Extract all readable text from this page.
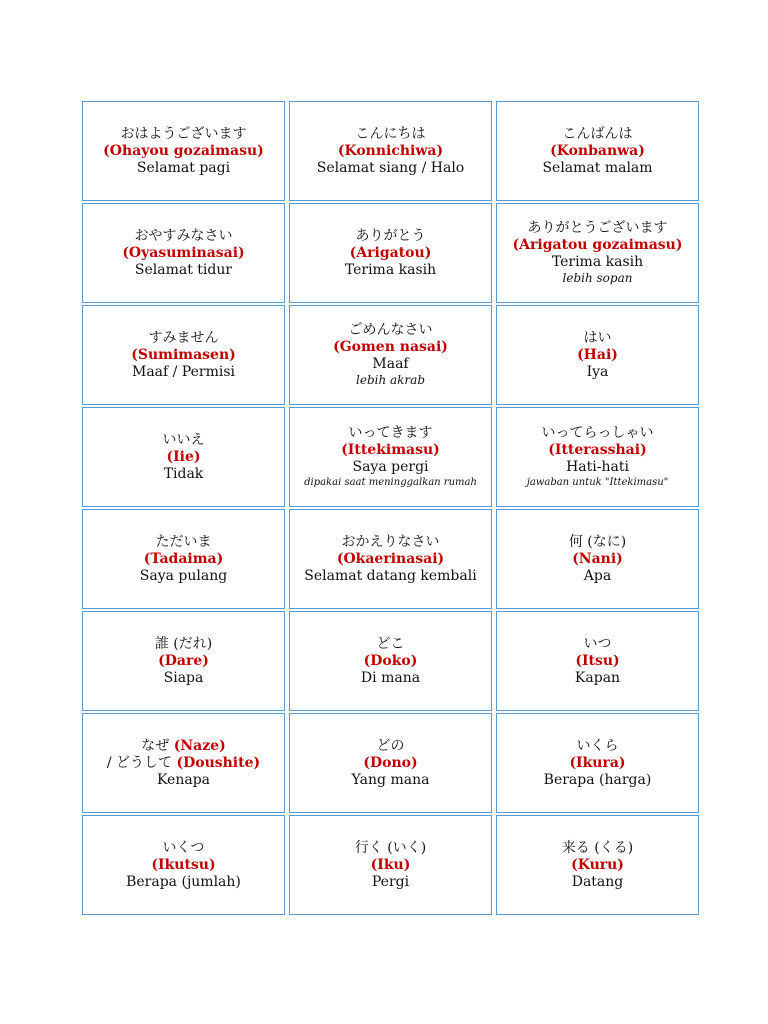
おはようございます (Ohayou gozaimasu)
Selamat pagi
こんにちは
(Konnichiwa)
Selamat siang / Halo
こんばんは
(Konbanwa)
Selamat malam
おやすみなさい
(Oyasuminasai)
Selamat tidur
ありがとう
(Arigatou)
Terima kasih
ありがとうございます (Arigatou gozaimasu)
Terima kasih
lebih sopan
すみません
(Sumimasen)
Maaf / Permisi
ごめんなさい
(Gomen nasai)
Maaf
lebih akrab
はい
(Hai)
Iya
いいえ
(Iie)
Tidak
いってきます (Ittekimasu)
Saya pergi
dipakai saat meninggalkan rumah
いってらっしゃい
(Itterasshai)
Hati-hati
jawaban untuk "Ittekimasu"
ただいま
(Tadaima)
Saya pulang
おかえりなさい
(Okaerinasai)
Selamat datang kembali
何 (なに)
(Nani)
Apa
誰 (だれ)
(Dare)
Siapa
どこ
(Doko)
Di mana
いつ
(Itsu)
Kapan
なぜ (Naze)
/ どうして (Doushite)
Kenapa
どの
(Dono)
Yang mana
いくら
(Ikura)
Berapa (harga)
いくつ
(Ikutsu)
Berapa (jumlah)
行く (いく)
(Iku)
Pergi
来る (くる)
(Kuru)
Datang
